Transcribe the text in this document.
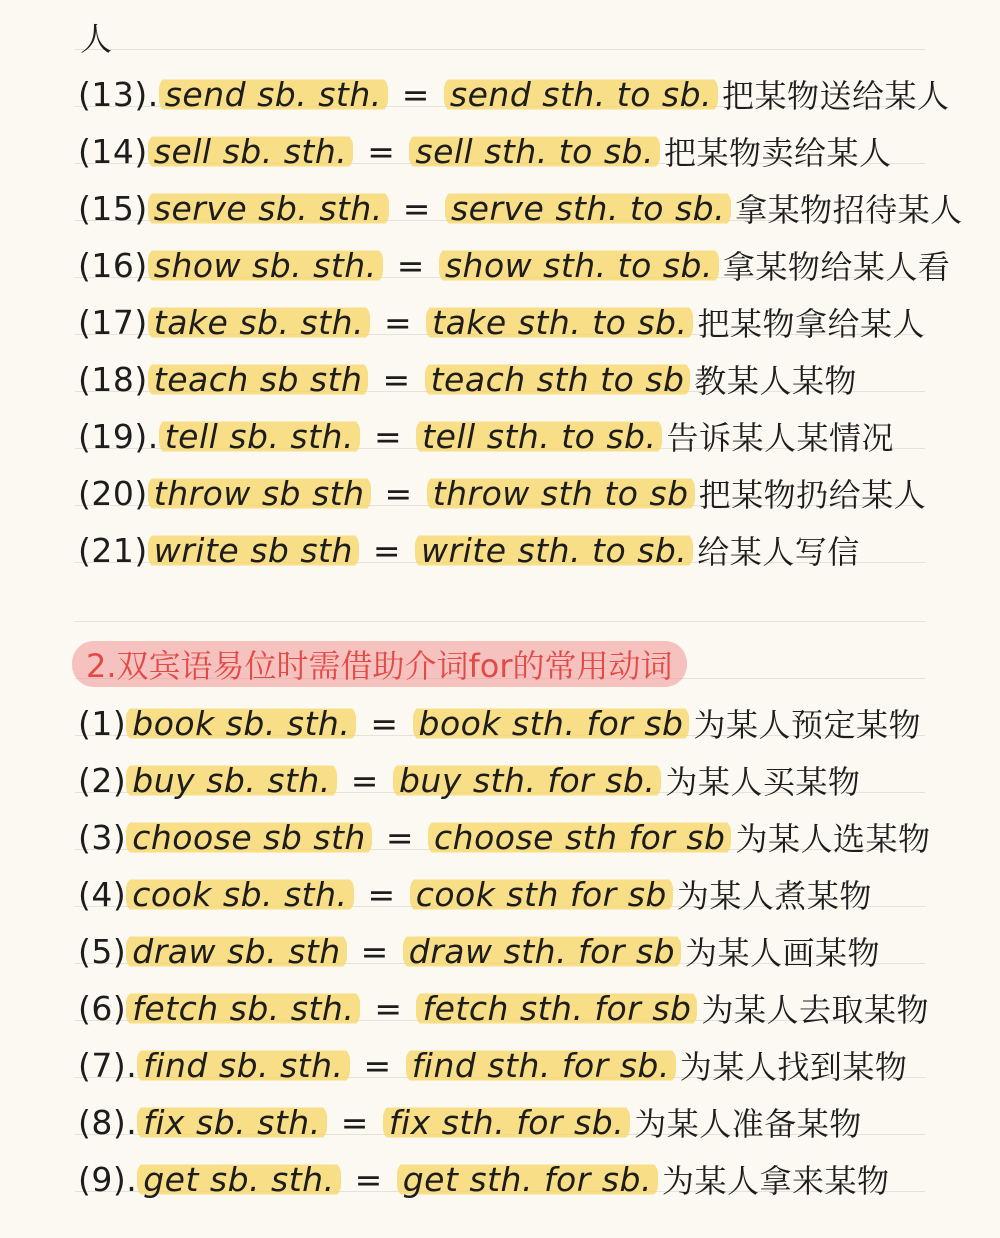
人
(13). send sb. sth. = send sth. to sb. 把某物送给某人
(14) sell sb. sth. = sell sth. to sb. 把某物卖给某人
(15) serve sb. sth. = serve sth. to sb. 拿某物招待某人
(16) show sb. sth. = show sth. to sb. 拿某物给某人看
(17) take sb. sth. = take sth. to sb. 把某物拿给某人
(18) teach sb sth = teach sth to sb 教某人某物
(19). tell sb. sth. = tell sth. to sb. 告诉某人某情况
(20) throw sb sth = throw sth to sb 把某物扔给某人
(21) write sb sth = write sth. to sb. 给某人写信
2.双宾语易位时需借助介词for的常用动词
(1) book sb. sth. = book sth. for sb 为某人预定某物
(2) buy sb. sth. = buy sth. for sb. 为某人买某物
(3) choose sb sth = choose sth for sb 为某人选某物
(4) cook sb. sth. = cook sth for sb 为某人煮某物
(5) draw sb. sth = draw sth. for sb 为某人画某物
(6) fetch sb. sth. = fetch sth. for sb 为某人去取某物
(7). find sb. sth. = find sth. for sb. 为某人找到某物
(8). fix sb. sth. = fix sth. for sb. 为某人准备某物
(9). get sb. sth. = get sth. for sb. 为某人拿来某物
